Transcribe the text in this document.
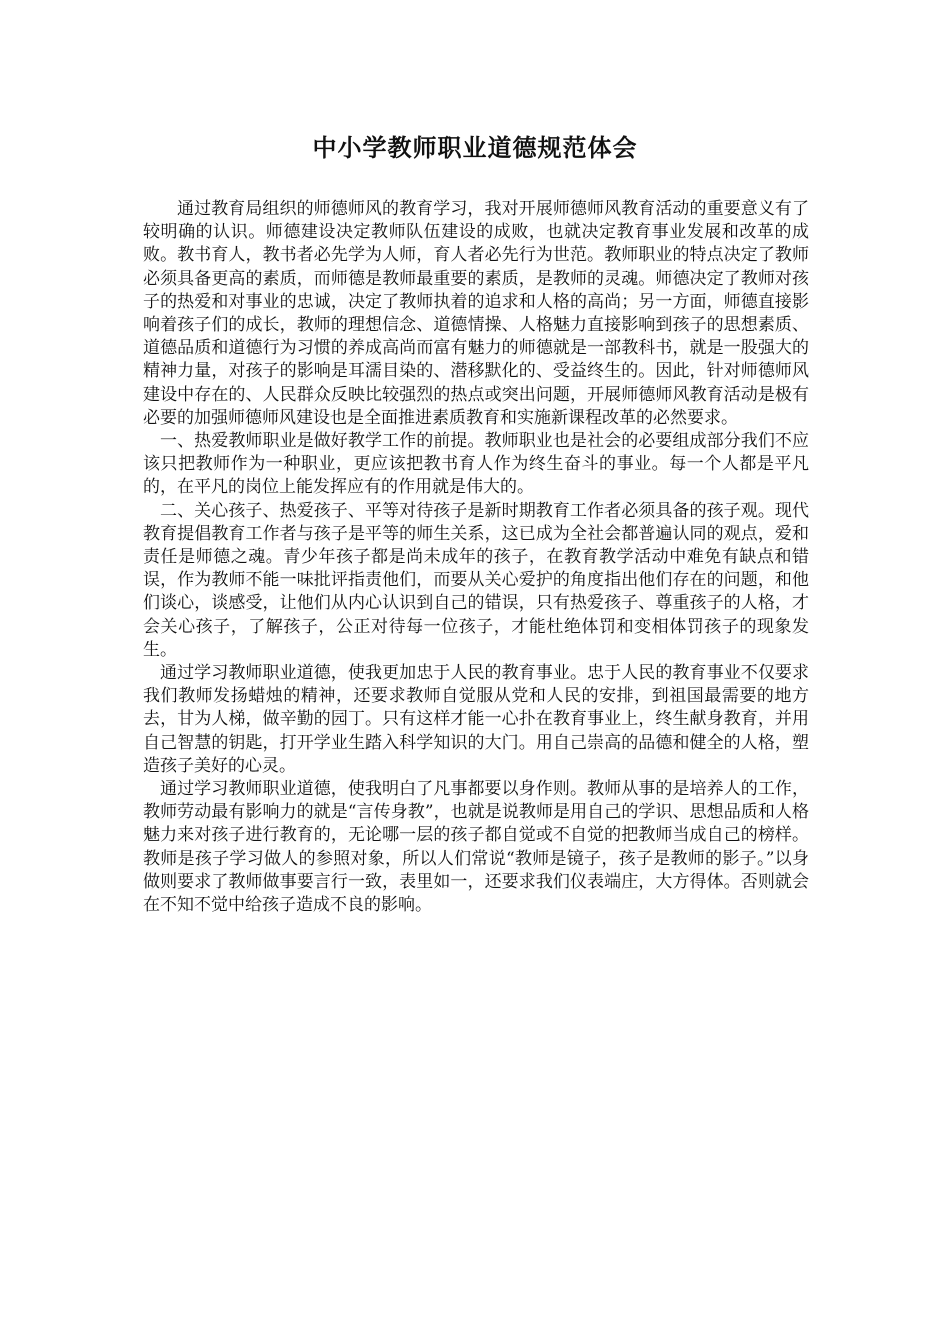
中小学教师职业道德规范体会

通过教育局组织的师德师风的教育学习，我对开展师德师风教育活动的重要意义有了较明确的认识。师德建设决定教师队伍建设的成败，也就决定教育事业发展和改革的成败。教书育人，教书者必先学为人师，育人者必先行为世范。教师职业的特点决定了教师必须具备更高的素质，而师德是教师最重要的素质，是教师的灵魂。师德决定了教师对孩子的热爱和对事业的忠诚，决定了教师执着的追求和人格的高尚；另一方面，师德直接影响着孩子们的成长，教师的理想信念、道德情操、人格魅力直接影响到孩子的思想素质、道德品质和道德行为习惯的养成高尚而富有魅力的师德就是一部教科书，就是一股强大的精神力量，对孩子的影响是耳濡目染的、潜移默化的、受益终生的。因此，针对师德师风建设中存在的、人民群众反映比较强烈的热点或突出问题，开展师德师风教育活动是极有必要的加强师德师风建设也是全面推进素质教育和实施新课程改革的必然要求。

一、热爱教师职业是做好教学工作的前提。教师职业也是社会的必要组成部分我们不应该只把教师作为一种职业，更应该把教书育人作为终生奋斗的事业。每一个人都是平凡的，在平凡的岗位上能发挥应有的作用就是伟大的。

二、关心孩子、热爱孩子、平等对待孩子是新时期教育工作者必须具备的孩子观。现代教育提倡教育工作者与孩子是平等的师生关系，这已成为全社会都普遍认同的观点，爱和责任是师德之魂。青少年孩子都是尚未成年的孩子，在教育教学活动中难免有缺点和错误，作为教师不能一味批评指责他们，而要从关心爱护的角度指出他们存在的问题，和他们谈心，谈感受，让他们从内心认识到自己的错误，只有热爱孩子、尊重孩子的人格，才会关心孩子，了解孩子，公正对待每一位孩子，才能杜绝体罚和变相体罚孩子的现象发生。

通过学习教师职业道德，使我更加忠于人民的教育事业。忠于人民的教育事业不仅要求我们教师发扬蜡烛的精神，还要求教师自觉服从党和人民的安排，到祖国最需要的地方去，甘为人梯，做辛勤的园丁。只有这样才能一心扑在教育事业上，终生献身教育，并用自己智慧的钥匙，打开学业生踏入科学知识的大门。用自己崇高的品德和健全的人格，塑造孩子美好的心灵。

通过学习教师职业道德，使我明白了凡事都要以身作则。教师从事的是培养人的工作，教师劳动最有影响力的就是“言传身教”，也就是说教师是用自己的学识、思想品质和人格魅力来对孩子进行教育的，无论哪一层的孩子都自觉或不自觉的把教师当成自己的榜样。教师是孩子学习做人的参照对象，所以人们常说“教师是镜子，孩子是教师的影子。”以身做则要求了教师做事要言行一致，表里如一，还要求我们仪表端庄，大方得体。否则就会在不知不觉中给孩子造成不良的影响。
